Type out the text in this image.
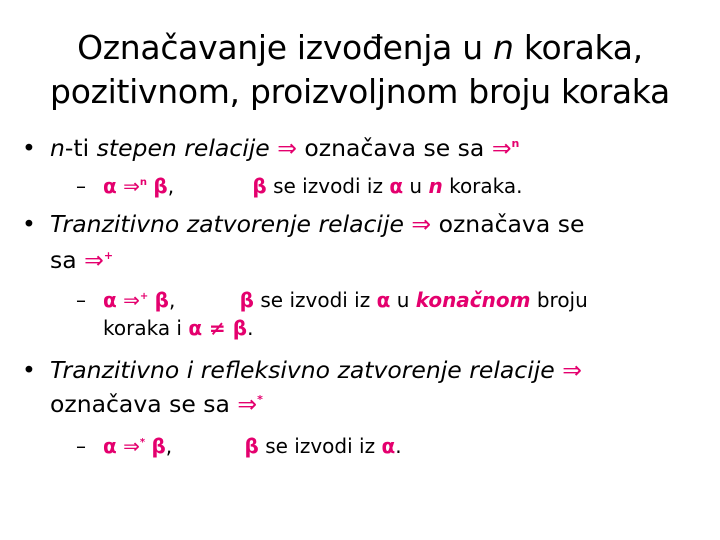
Označavanje izvođenja u n koraka,
pozitivnom, proizvoljnom broju koraka
• n-ti stepen relacije ⇒ označava se sa ⇒$^n$
– α ⇒$^n$ β,	β se izvodi iz α u n koraka.
• Tranzitivno zatvorenje relacije ⇒ označava se
sa ⇒+
– α ⇒+ β,	β se izvodi iz α u konačnom broju
koraka i α ≠ β.
• Tranzitivno i refleksivno zatvorenje relacije ⇒
označava se sa ⇒*
– α ⇒* β,	β se izvodi iz α.
